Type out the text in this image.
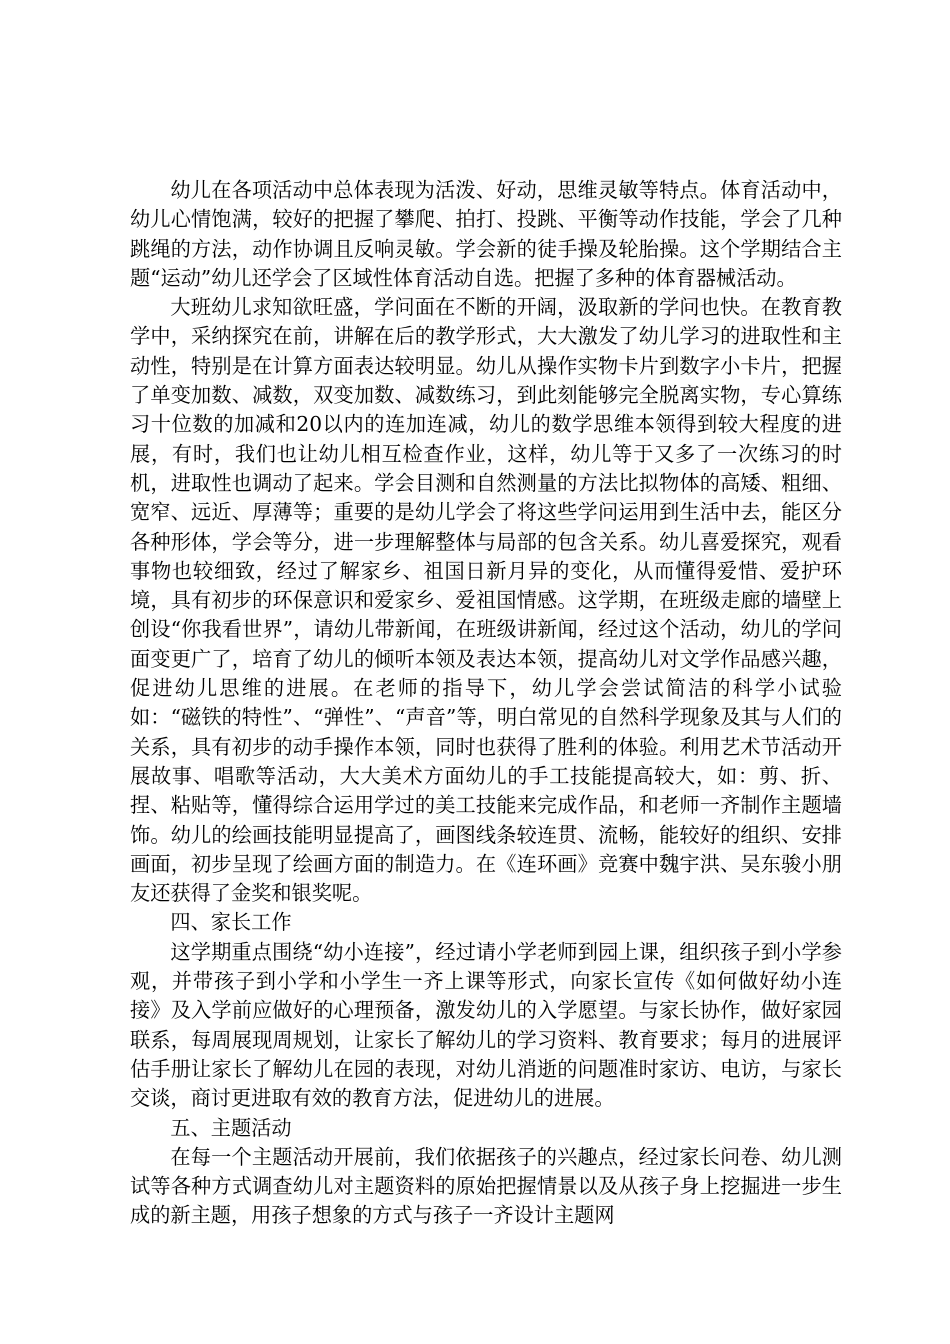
幼儿在各项活动中总体表现为活泼、好动，思维灵敏等特点。体育活动中，幼儿心情饱满，较好的把握了攀爬、拍打、投跳、平衡等动作技能，学会了几种跳绳的方法，动作协调且反响灵敏。学会新的徒手操及轮胎操。这个学期结合主题“运动”幼儿还学会了区域性体育活动自选。把握了多种的体育器械活动。

大班幼儿求知欲旺盛，学问面在不断的开阔，汲取新的学问也快。在教育教学中，采纳探究在前，讲解在后的教学形式，大大激发了幼儿学习的进取性和主动性，特别是在计算方面表达较明显。幼儿从操作实物卡片到数字小卡片，把握了单变加数、减数，双变加数、减数练习，到此刻能够完全脱离实物，专心算练习十位数的加减和20以内的连加连减，幼儿的数学思维本领得到较大程度的进展，有时，我们也让幼儿相互检查作业，这样，幼儿等于又多了一次练习的时机，进取性也调动了起来。学会目测和自然测量的方法比拟物体的高矮、粗细、宽窄、远近、厚薄等；重要的是幼儿学会了将这些学问运用到生活中去，能区分各种形体，学会等分，进一步理解整体与局部的包含关系。幼儿喜爱探究，观看事物也较细致，经过了解家乡、祖国日新月异的变化，从而懂得爱惜、爱护环境，具有初步的环保意识和爱家乡、爱祖国情感。这学期，在班级走廊的墙壁上创设“你我看世界”，请幼儿带新闻，在班级讲新闻，经过这个活动，幼儿的学问面变更广了，培育了幼儿的倾听本领及表达本领，提高幼儿对文学作品感兴趣，促进幼儿思维的进展。在老师的指导下，幼儿学会尝试简洁的科学小试验如：“磁铁的特性”、“弹性”、“声音”等，明白常见的自然科学现象及其与人们的关系，具有初步的动手操作本领，同时也获得了胜利的体验。利用艺术节活动开展故事、唱歌等活动，大大美术方面幼儿的手工技能提高较大，如：剪、折、捏、粘贴等，懂得综合运用学过的美工技能来完成作品，和老师一齐制作主题墙饰。幼儿的绘画技能明显提高了，画图线条较连贯、流畅，能较好的组织、安排画面，初步呈现了绘画方面的制造力。在《连环画》竞赛中魏宇洪、吴东骏小朋友还获得了金奖和银奖呢。

四、家长工作

这学期重点围绕“幼小连接”，经过请小学老师到园上课，组织孩子到小学参观，并带孩子到小学和小学生一齐上课等形式，向家长宣传《如何做好幼小连接》及入学前应做好的心理预备，激发幼儿的入学愿望。与家长协作，做好家园联系，每周展现周规划，让家长了解幼儿的学习资料、教育要求；每月的进展评估手册让家长了解幼儿在园的表现，对幼儿消逝的问题准时家访、电访，与家长交谈，商讨更进取有效的教育方法，促进幼儿的进展。

五、主题活动

在每一个主题活动开展前，我们依据孩子的兴趣点，经过家长问卷、幼儿测试等各种方式调查幼儿对主题资料的原始把握情景以及从孩子身上挖掘进一步生成的新主题，用孩子想象的方式与孩子一齐设计主题网
